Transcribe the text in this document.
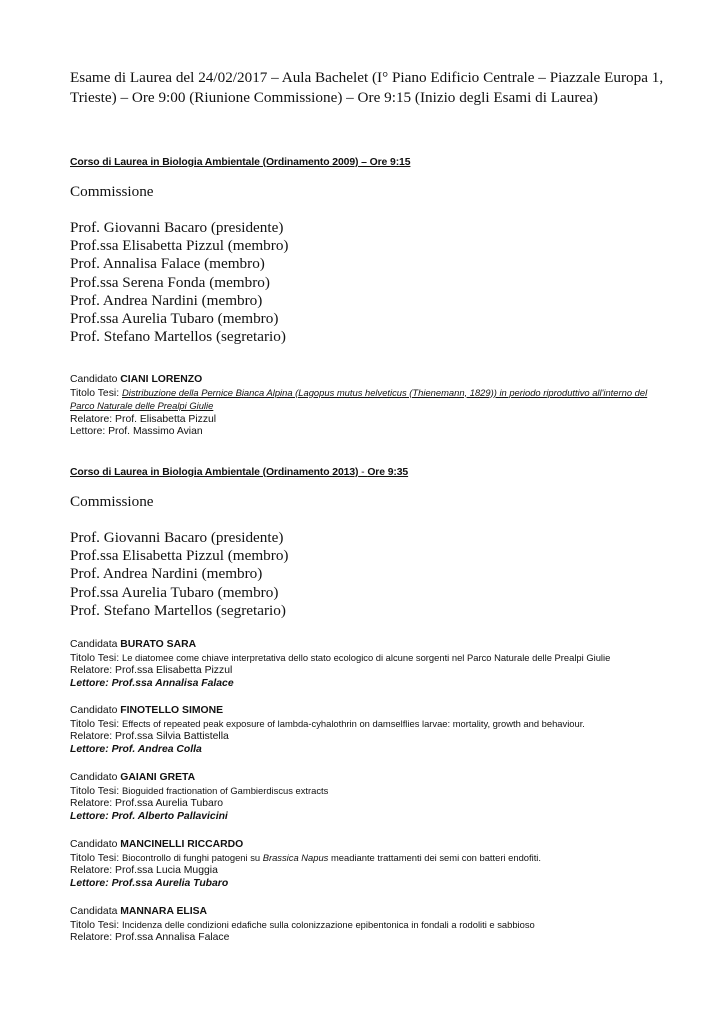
Esame di Laurea del 24/02/2017 – Aula Bachelet (I° Piano Edificio Centrale – Piazzale Europa 1,
Trieste) – Ore 9:00 (Riunione Commissione) – Ore 9:15 (Inizio degli Esami di Laurea)
Corso di Laurea in Biologia Ambientale (Ordinamento 2009) – Ore 9:15
Commissione
Prof. Giovanni Bacaro (presidente)
Prof.ssa Elisabetta Pizzul (membro)
Prof. Annalisa Falace (membro)
Prof.ssa Serena Fonda (membro)
Prof. Andrea Nardini (membro)
Prof.ssa Aurelia Tubaro (membro)
Prof. Stefano Martellos (segretario)
Candidato CIANI LORENZO
Titolo Tesi: Distribuzione della Pernice Bianca Alpina (Lagopus mutus helveticus (Thienemann, 1829)) in periodo riproduttivo all'interno del Parco Naturale delle Prealpi Giulie
Relatore: Prof. Elisabetta Pizzul
Lettore: Prof. Massimo Avian
Corso di Laurea in Biologia Ambientale (Ordinamento 2013) - Ore 9:35
Commissione
Prof. Giovanni Bacaro (presidente)
Prof.ssa Elisabetta Pizzul (membro)
Prof. Andrea Nardini (membro)
Prof.ssa Aurelia Tubaro (membro)
Prof. Stefano Martellos (segretario)
Candidata BURATO SARA
Titolo Tesi: Le diatomee come chiave interpretativa dello stato ecologico di alcune sorgenti nel Parco Naturale delle Prealpi Giulie
Relatore: Prof.ssa Elisabetta Pizzul
Lettore: Prof.ssa Annalisa Falace
Candidato FINOTELLO SIMONE
Titolo Tesi: Effects of repeated peak exposure of lambda-cyhalothrin on damselflies larvae: mortality, growth and behaviour.
Relatore: Prof.ssa Silvia Battistella
Lettore: Prof. Andrea Colla
Candidato GAIANI GRETA
Titolo Tesi: Bioguided fractionation of Gambierdiscus extracts
Relatore: Prof.ssa Aurelia Tubaro
Lettore: Prof. Alberto Pallavicini
Candidato MANCINELLI RICCARDO
Titolo Tesi: Biocontrollo di funghi patogeni su Brassica Napus meadiante trattamenti dei semi con batteri endofiti.
Relatore: Prof.ssa Lucia Muggia
Lettore: Prof.ssa Aurelia Tubaro
Candidata MANNARA ELISA
Titolo Tesi: Incidenza delle condizioni edafiche sulla colonizzazione epibentonica in fondali a rodoliti e sabbioso
Relatore: Prof.ssa Annalisa Falace
